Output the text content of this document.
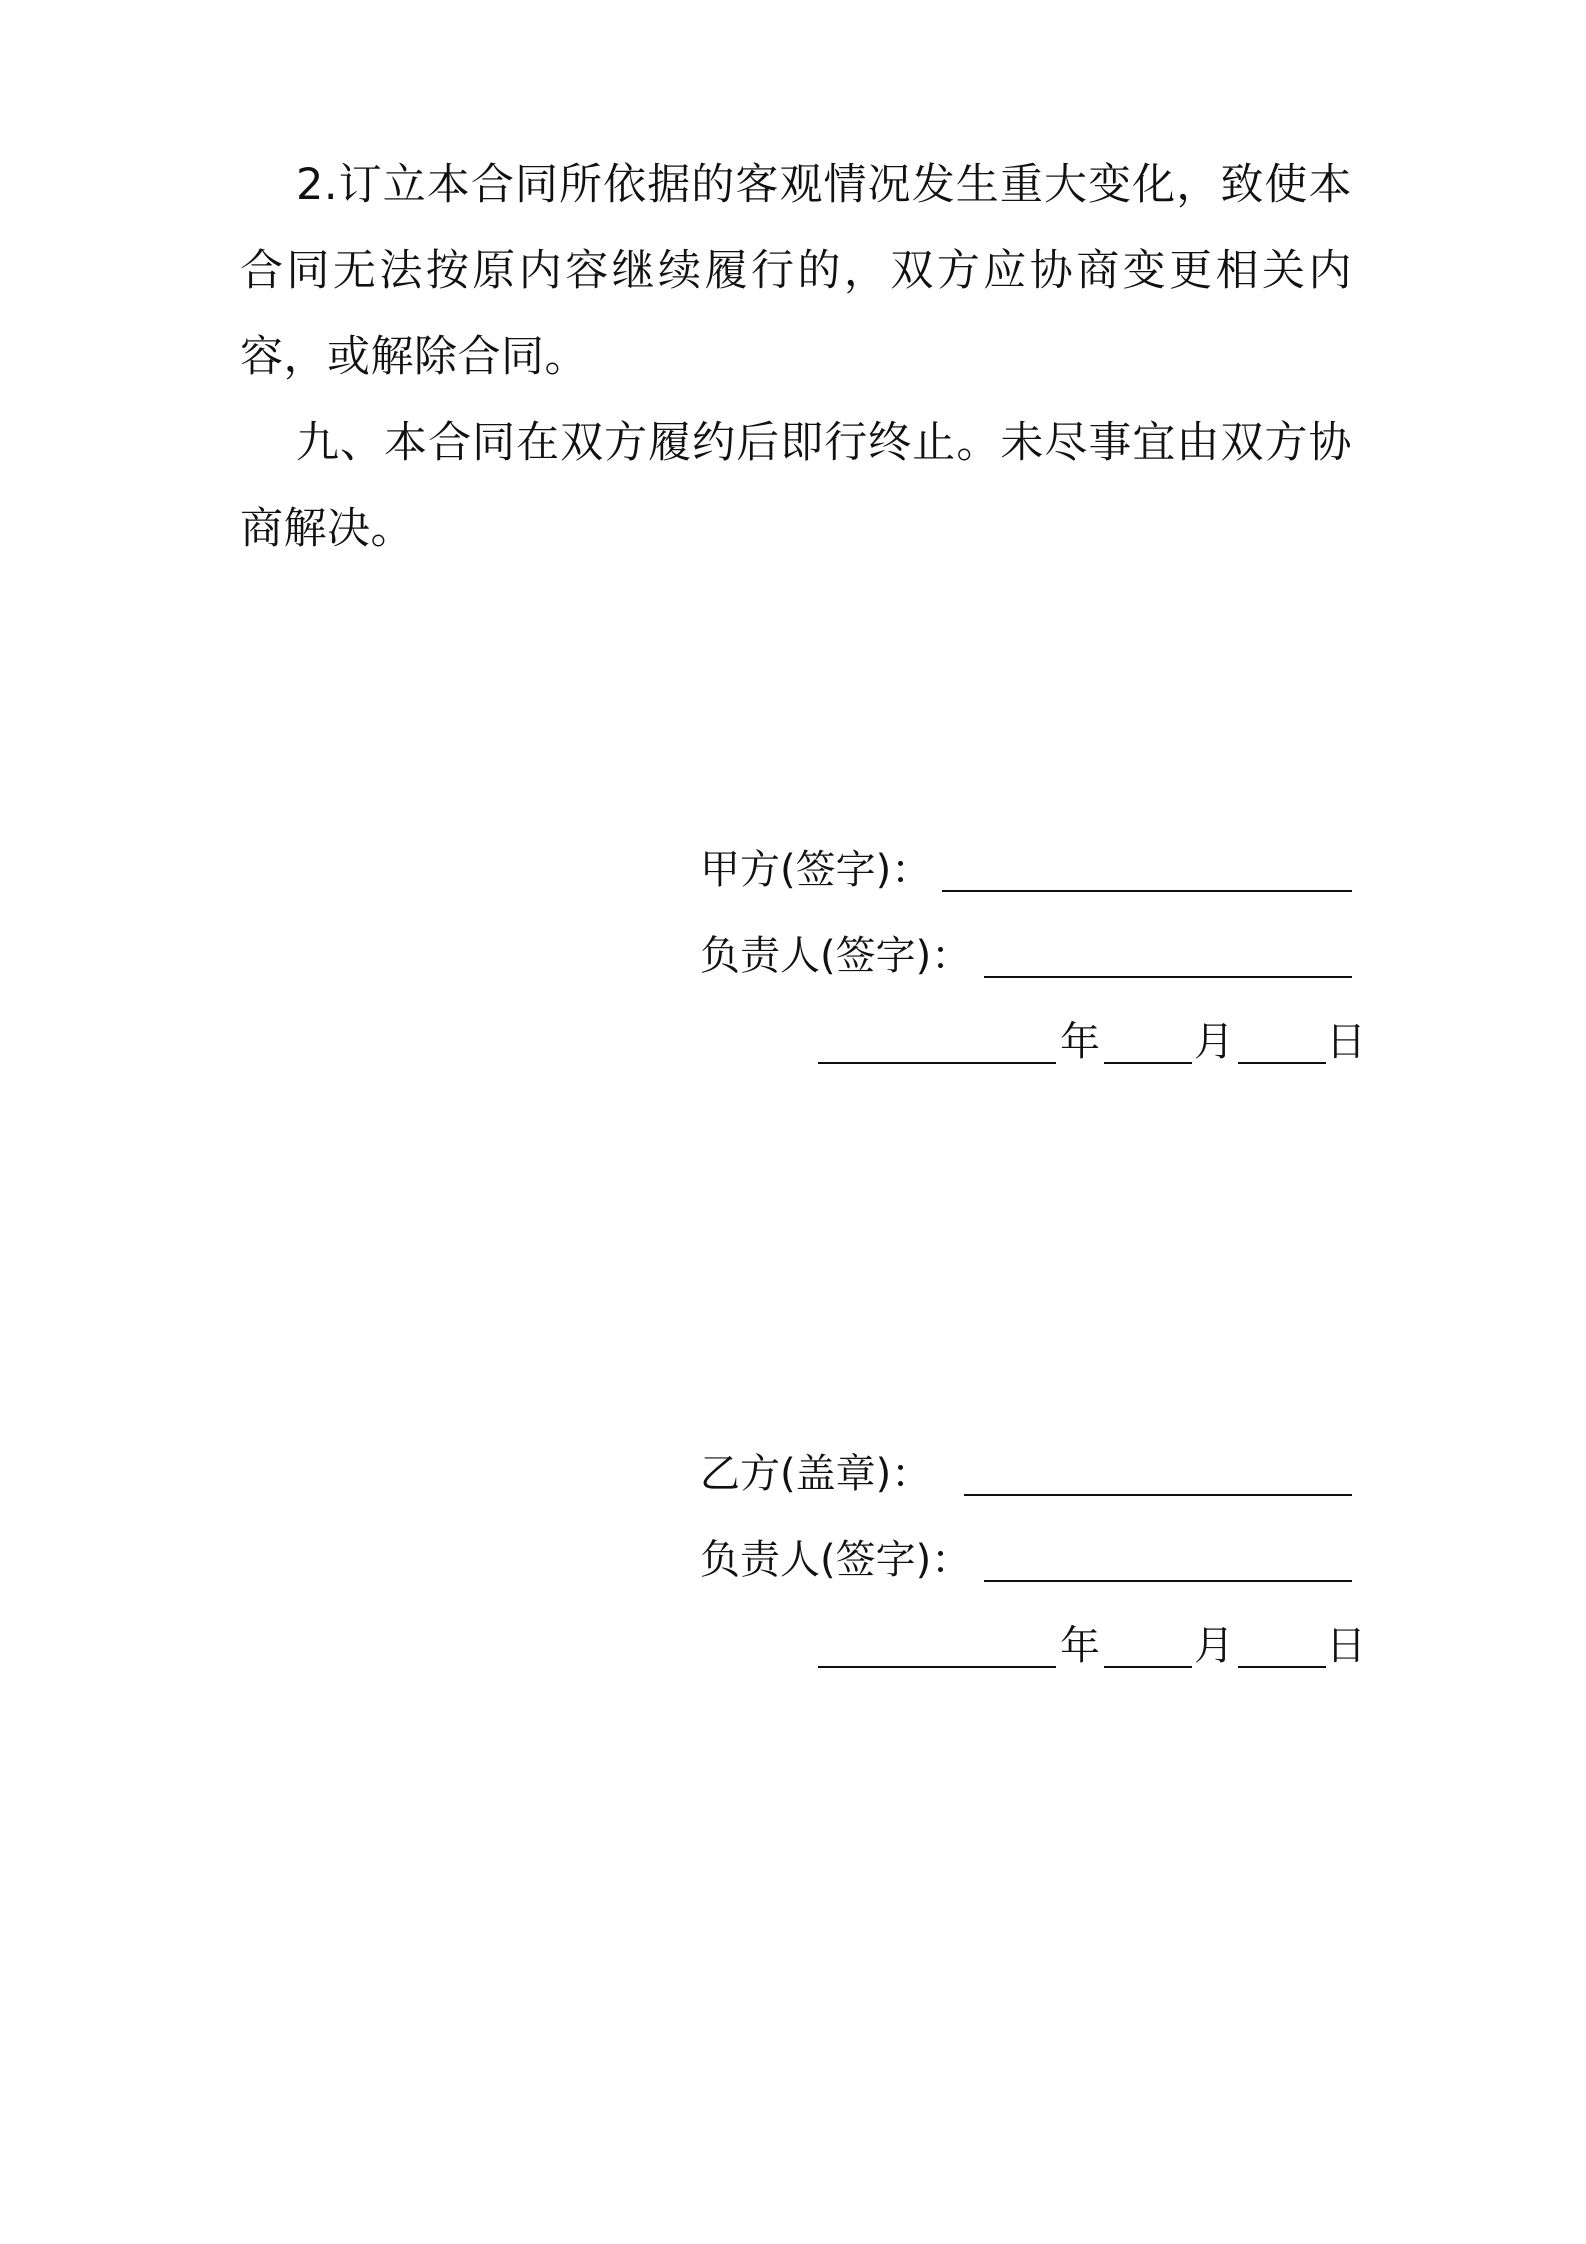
2.订立本合同所依据的客观情况发生重大变化，致使本合同无法按原内容继续履行的，双方应协商变更相关内容，或解除合同。

九、本合同在双方履约后即行终止。未尽事宜由双方协商解决。

甲方(签字)：
负责人(签字)：
年 月 日
乙方(盖章)：
负责人(签字)：
年 月 日
